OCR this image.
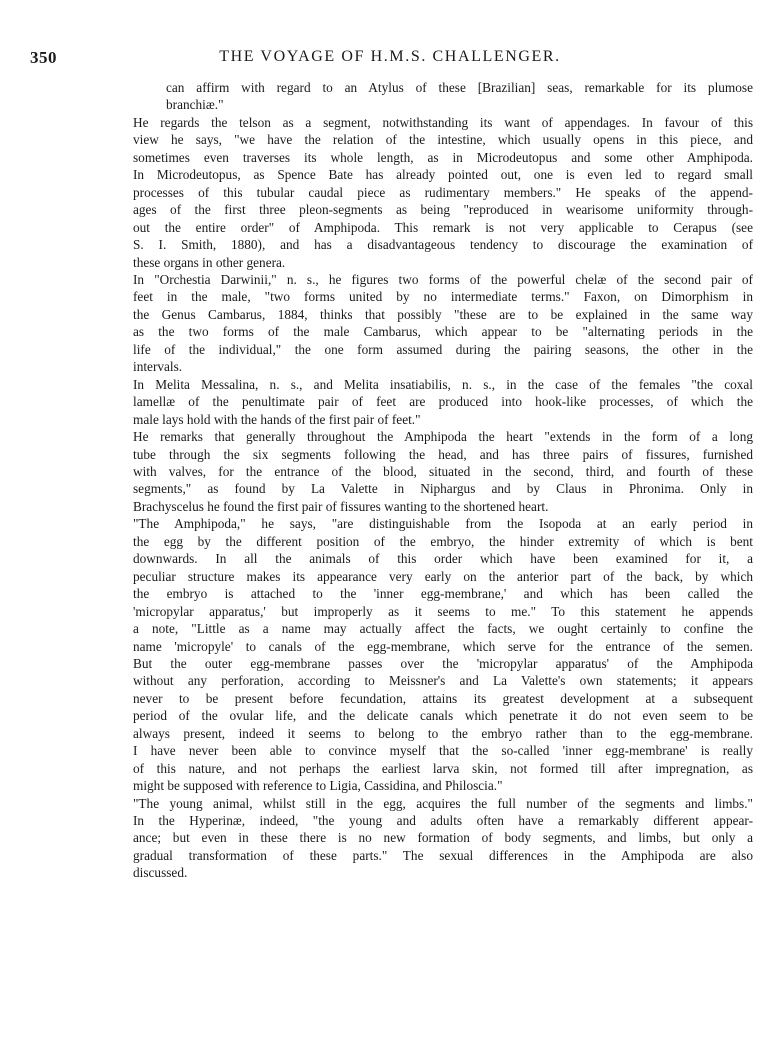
350	THE VOYAGE OF H.M.S. CHALLENGER.
can affirm with regard to an Atylus of these [Brazilian] seas, remarkable for its plumose
branchiæ."
He regards the telson as a segment, notwithstanding its want of appendages. In favour of this
view he says, "we have the relation of the intestine, which usually opens in this piece, and
sometimes even traverses its whole length, as in Microdeutopus and some other Amphipoda.
In Microdeutopus, as Spence Bate has already pointed out, one is even led to regard small
processes of this tubular caudal piece as rudimentary members." He speaks of the append-
ages of the first three pleon-segments as being "reproduced in wearisome uniformity through-
out the entire order" of Amphipoda. This remark is not very applicable to Cerapus (see
S. I. Smith, 1880), and has a disadvantageous tendency to discourage the examination of
these organs in other genera.
In "Orchestia Darwinii," n. s., he figures two forms of the powerful chelæ of the second pair of
feet in the male, "two forms united by no intermediate terms." Faxon, on Dimorphism in
the Genus Cambarus, 1884, thinks that possibly "these are to be explained in the same way
as the two forms of the male Cambarus, which appear to be "alternating periods in the
life of the individual," the one form assumed during the pairing seasons, the other in the
intervals.
In Melita Messalina, n. s., and Melita insatiabilis, n. s., in the case of the females "the coxal
lamellæ of the penultimate pair of feet are produced into hook-like processes, of which the
male lays hold with the hands of the first pair of feet."
He remarks that generally throughout the Amphipoda the heart "extends in the form of a long
tube through the six segments following the head, and has three pairs of fissures, furnished
with valves, for the entrance of the blood, situated in the second, third, and fourth of these
segments," as found by La Valette in Niphargus and by Claus in Phronima. Only in
Brachyscelus he found the first pair of fissures wanting to the shortened heart.
"The Amphipoda," he says, "are distinguishable from the Isopoda at an early period in
the egg by the different position of the embryo, the hinder extremity of which is bent
downwards. In all the animals of this order which have been examined for it, a
peculiar structure makes its appearance very early on the anterior part of the back, by which
the embryo is attached to the 'inner egg-membrane,' and which has been called the
'micropylar apparatus,' but improperly as it seems to me." To this statement he appends
a note, "Little as a name may actually affect the facts, we ought certainly to confine the
name 'micropyle' to canals of the egg-membrane, which serve for the entrance of the semen.
But the outer egg-membrane passes over the 'micropylar apparatus' of the Amphipoda
without any perforation, according to Meissner's and La Valette's own statements; it appears
never to be present before fecundation, attains its greatest development at a subsequent
period of the ovular life, and the delicate canals which penetrate it do not even seem to be
always present, indeed it seems to belong to the embryo rather than to the egg-membrane.
I have never been able to convince myself that the so-called 'inner egg-membrane' is really
of this nature, and not perhaps the earliest larva skin, not formed till after impregnation, as
might be supposed with reference to Ligia, Cassidina, and Philoscia."
"The young animal, whilst still in the egg, acquires the full number of the segments and limbs."
In the Hyperinæ, indeed, "the young and adults often have a remarkably different appear-
ance; but even in these there is no new formation of body segments, and limbs, but only a
gradual transformation of these parts." The sexual differences in the Amphipoda are also
discussed.
